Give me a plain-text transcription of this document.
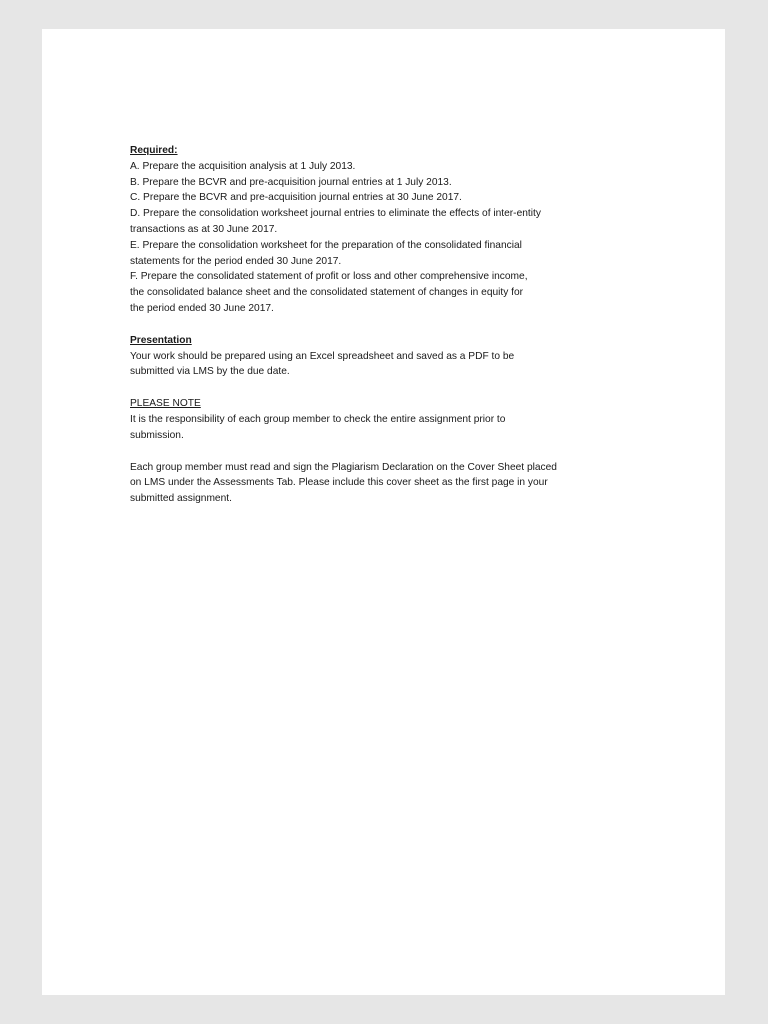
Required:
A. Prepare the acquisition analysis at 1 July 2013.
B. Prepare the BCVR and pre-acquisition journal entries at 1 July 2013.
C. Prepare the BCVR and pre-acquisition journal entries at 30 June 2017.
D. Prepare the consolidation worksheet journal entries to eliminate the effects of inter-entity
transactions as at 30 June 2017.
E. Prepare the consolidation worksheet for the preparation of the consolidated financial
statements for the period ended 30 June 2017.
F. Prepare the consolidated statement of profit or loss and other comprehensive income,
the consolidated balance sheet and the consolidated statement of changes in equity for
the period ended 30 June 2017.
Presentation
Your work should be prepared using an Excel spreadsheet and saved as a PDF to be
submitted via LMS by the due date.
PLEASE NOTE
It is the responsibility of each group member to check the entire assignment prior to
submission.
Each group member must read and sign the Plagiarism Declaration on the Cover Sheet placed
on LMS under the Assessments Tab. Please include this cover sheet as the first page in your
submitted assignment.
